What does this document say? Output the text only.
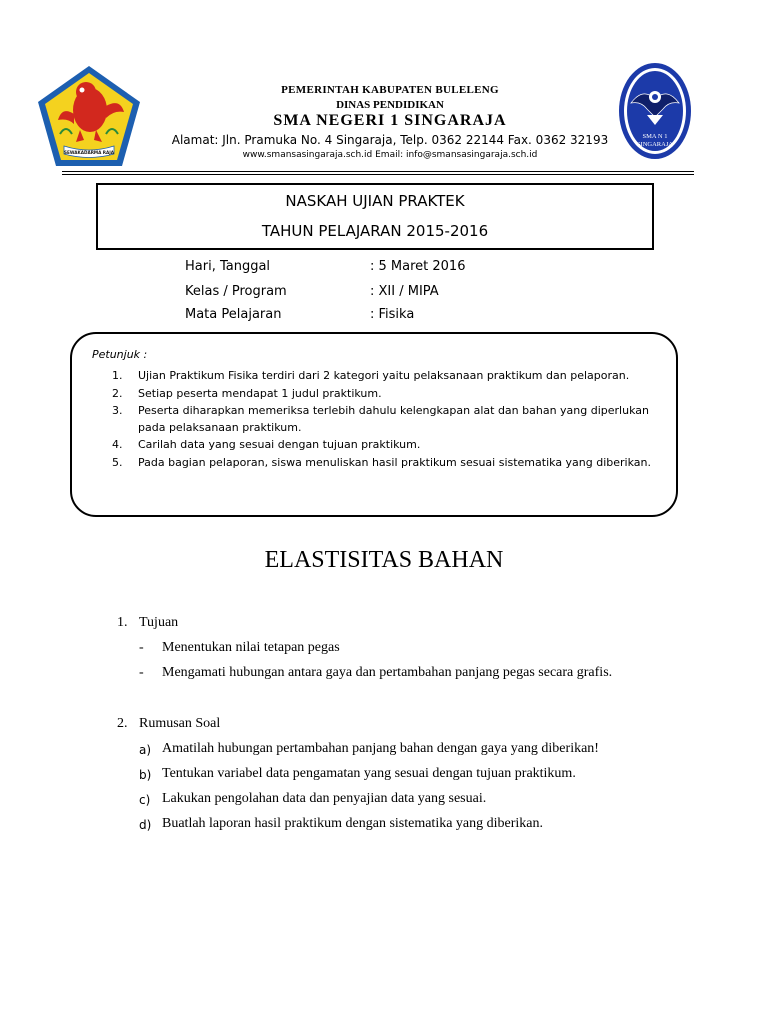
SEWAKADARMA RAJA
SMA N 1
SINGARAJA
PEMERINTAH KABUPATEN BULELENG
DINAS PENDIDIKAN
SMA NEGERI 1 SINGARAJA
Alamat: Jln. Pramuka No. 4 Singaraja, Telp. 0362 22144 Fax. 0362 32193
www.smansasingaraja.sch.id Email: info@smansasingaraja.sch.id
NASKAH UJIAN PRAKTEK
TAHUN PELAJARAN 2015-2016
Hari, Tanggal	: 5 Maret 2016
Kelas / Program	: XII / MIPA
Mata Pelajaran	: Fisika
Petunjuk :
1. Ujian Praktikum Fisika terdiri dari 2 kategori yaitu pelaksanaan praktikum dan pelaporan.
2. Setiap peserta mendapat 1 judul praktikum.
3. Peserta diharapkan memeriksa terlebih dahulu kelengkapan alat dan bahan yang diperlukan pada pelaksanaan praktikum.
4. Carilah data yang sesuai dengan tujuan praktikum.
5. Pada bagian pelaporan, siswa menuliskan hasil praktikum sesuai sistematika yang diberikan.
ELASTISITAS BAHAN
1. Tujuan
- Menentukan nilai tetapan pegas
- Mengamati hubungan antara gaya dan pertambahan panjang pegas secara grafis.
2. Rumusan Soal
a) Amatilah hubungan pertambahan panjang bahan dengan gaya yang diberikan!
b) Tentukan variabel data pengamatan yang sesuai dengan tujuan praktikum.
c) Lakukan pengolahan data dan penyajian data yang sesuai.
d) Buatlah laporan hasil praktikum dengan sistematika yang diberikan.
